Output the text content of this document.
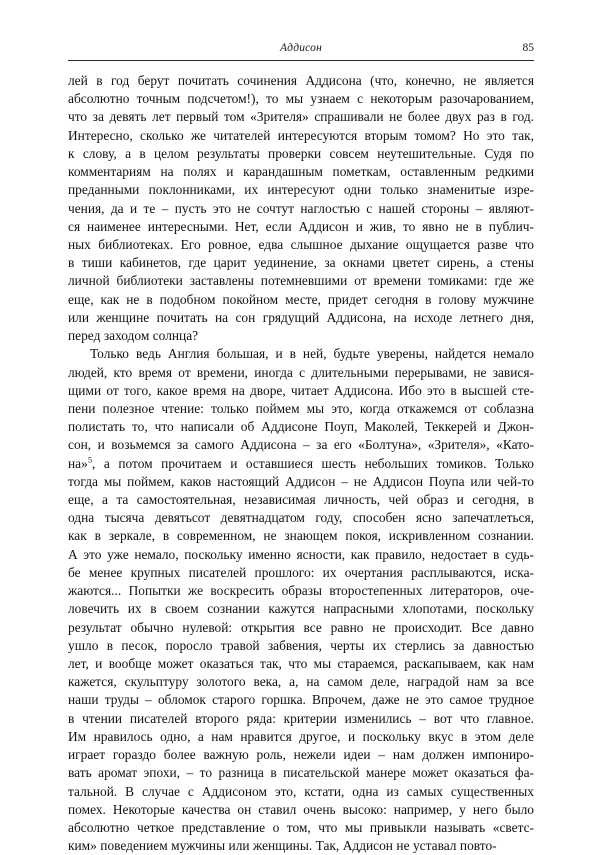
Аддисон	85

лей в год берут почитать сочинения Аддисона (что, конечно, не является
абсолютно точным подсчетом!), то мы узнаем с некоторым разочарованием,
что за девять лет первый том «Зрителя» спрашивали не более двух раз в год.
Интересно, сколько же читателей интересуются вторым томом? Но это так,
к слову, а в целом результаты проверки совсем неутешительные. Судя по
комментариям на полях и карандашным пометкам, оставленным редкими
преданными поклонниками, их интересуют одни только знаменитые изре-
чения, да и те – пусть это не сочтут наглостью с нашей стороны – являют-
ся наименее интересными. Нет, если Аддисон и жив, то явно не в публич-
ных библиотеках. Его ровное, едва слышное дыхание ощущается разве что
в тиши кабинетов, где царит уединение, за окнами цветет сирень, а стены
личной библиотеки заставлены потемневшими от времени томиками: где же
еще, как не в подобном покойном месте, придет сегодня в голову мужчине
или женщине почитать на сон грядущий Аддисона, на исходе летнего дня,
перед заходом солнца?

Только ведь Англия большая, и в ней, будьте уверены, найдется немало
людей, кто время от времени, иногда с длительными перерывами, не завися-
щими от того, какое время на дворе, читает Аддисона. Ибо это в высшей сте-
пени полезное чтение: только поймем мы это, когда откажемся от соблазна
полистать то, что написали об Аддисоне Поуп, Маколей, Теккерей и Джон-
сон, и возьмемся за самого Аддисона – за его «Болтуна», «Зрителя», «Като-
на»$^5$, а потом прочитаем и оставшиеся шесть небольших томиков. Только
тогда мы поймем, каков настоящий Аддисон – не Аддисон Поупа или чей-то
еще, а та самостоятельная, независимая личность, чей образ и сегодня, в
одна тысяча девятьсот девятнадцатом году, способен ясно запечатлеться,
как в зеркале, в современном, не знающем покоя, искривленном сознании.
А это уже немало, поскольку именно ясности, как правило, недостает в судь-
бе менее крупных писателей прошлого: их очертания расплываются, иска-
жаются... Попытки же воскресить образы второстепенных литераторов, оче-
ловечить их в своем сознании кажутся напрасными хлопотами, поскольку
результат обычно нулевой: открытия все равно не происходит. Все давно
ушло в песок, поросло травой забвения, черты их стерлись за давностью
лет, и вообще может оказаться так, что мы стараемся, раскапываем, как нам
кажется, скульптуру золотого века, а, на самом деле, наградой нам за все
наши труды – обломок старого горшка. Впрочем, даже не это самое трудное
в чтении писателей второго ряда: критерии изменились – вот что главное.
Им нравилось одно, а нам нравится другое, и поскольку вкус в этом деле
играет гораздо более важную роль, нежели идеи – нам должен импониро-
вать аромат эпохи, – то разница в писательской манере может оказаться фа-
тальной. В случае с Аддисоном это, кстати, одна из самых существенных
помех. Некоторые качества он ставил очень высоко: например, у него было
абсолютно четкое представление о том, что мы привыкли называть «светс-
ким» поведением мужчины или женщины. Так, Аддисон не уставал повто-
